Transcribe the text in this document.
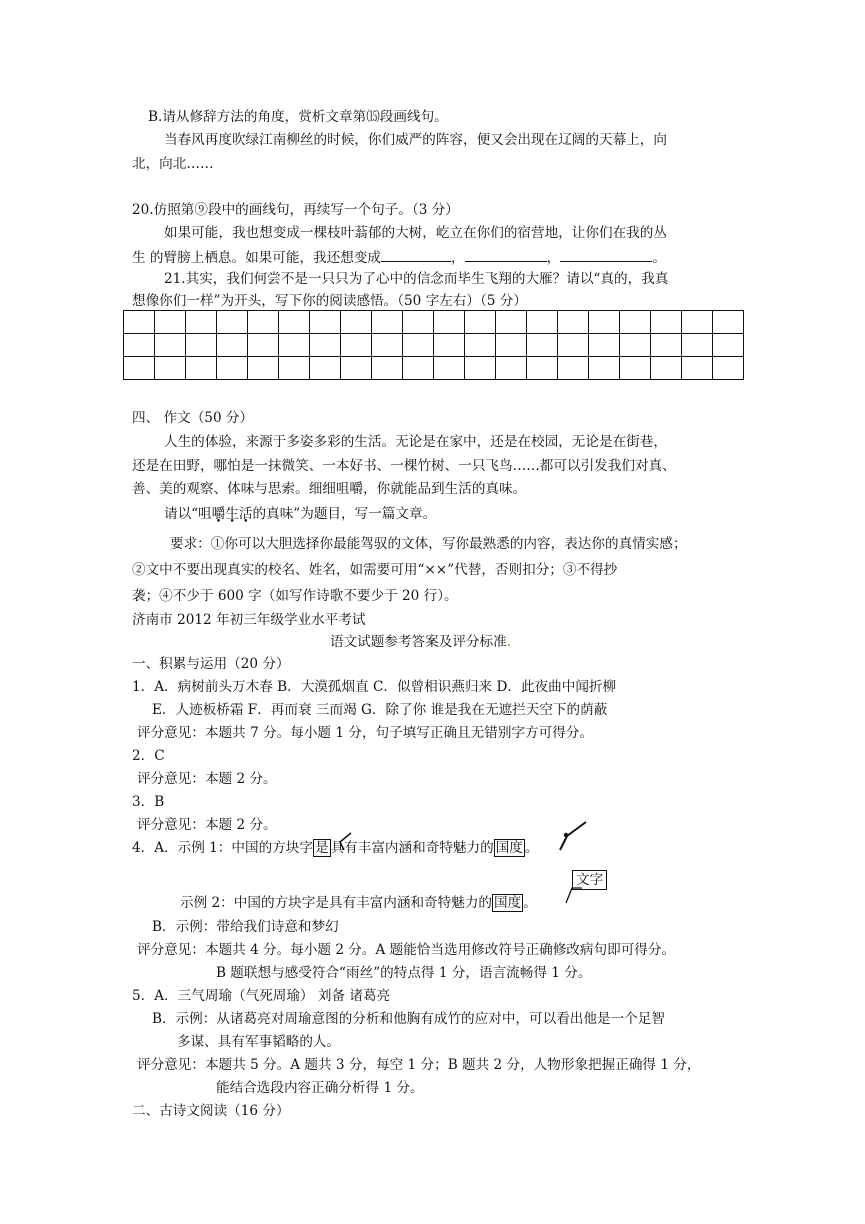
B.请从修辞方法的角度，赏析文章第⒂段画线句。
当春风再度吹绿江南柳丝的时候，你们威严的阵容，便又会出现在辽阔的天幕上，向
北，向北……
20.仿照第⑨段中的画线句，再续写一个句子。（3 分）
如果可能，我也想变成一棵枝叶蓊郁的大树，屹立在你们的宿营地，让你们在我的丛
生 的臂膀上栖息。如果可能，我还想变成	，	，	。
21.其实，我们何尝不是一只只为了心中的信念而毕生飞翔的大雁？请以“真的，我真
想像你们一样”为开头，写下你的阅读感悟。（50 字左右）（5 分）

四、 作文（50 分）
人生的体验，来源于多姿多彩的生活。无论是在家中，还是在校园，无论是在街巷，
还是在田野，哪怕是一抹微笑、一本好书、一棵竹树、一只飞鸟……都可以引发我们对真、
善、美的观察、体味与思索。细细咀嚼，你就能品到生活的真味。
请以“咀嚼生活的真味”为题目，写一篇文章。
要求：①你可以大胆选择你最能驾驭的文体，写你最熟悉的内容，表达你的真情实感；
②文中不要出现真实的校名、姓名，如需要可用“××”代替，否则扣分；③不得抄
袭；④不少于 600 字（如写作诗歌不要少于 20 行）。
济南市 2012 年初三年级学业水平考试
语文试题参考答案及评分标准.
一、积累与运用（20 分）
1．A．病树前头万木春 B．大漠孤烟直 C．似曾相识燕归来 D．此夜曲中闻折柳
E．人迹板桥霜 F．再而衰 三而竭 G．除了你 谁是我在无遮拦天空下的荫蔽
评分意见：本题共 7 分。每小题 1 分，句子填写正确且无错别字方可得分。
2．C
评分意见：本题 2 分。
3．B
评分意见：本题 2 分。
4．A．示例 1：中国的方块字 是 具有丰富内涵和奇特魅力的 国度 。
文字
示例 2：中国的方块字是具有丰富内涵和奇特魅力的 国度 。
B．示例：带给我们诗意和梦幻
评分意见：本题共 4 分。每小题 2 分。A 题能恰当选用修改符号正确修改病句即可得分。
B 题联想与感受符合“雨丝”的特点得 1 分，语言流畅得 1 分。
5．A．三气周瑜（气死周瑜） 刘备 诸葛亮
B．示例：从诸葛亮对周瑜意图的分析和他胸有成竹的应对中，可以看出他是一个足智
多谋、具有军事韬略的人。
评分意见：本题共 5 分。A 题共 3 分，每空 1 分；B 题共 2 分，人物形象把握正确得 1 分，
能结合选段内容正确分析得 1 分。
二、古诗文阅读（16 分）
